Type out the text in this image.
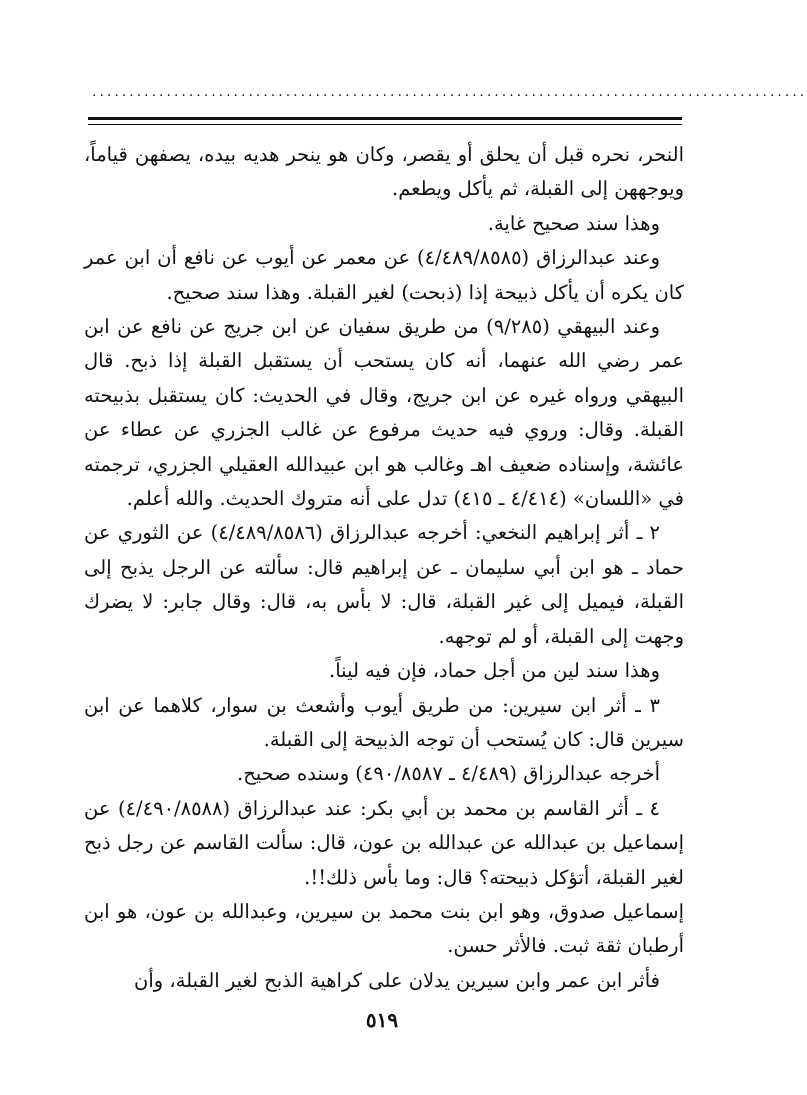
................................................................................................

النحر، نحره قبل أن يحلق أو يقصر، وكان هو ينحر هديه بيده، يصفهن قياماً، ويوجههن إلى القبلة، ثم يأكل ويطعم.

وهذا سند صحيح غاية.

وعند عبدالرزاق (٤/٤٨٩/٨٥٨٥) عن معمر عن أيوب عن نافع أن ابن عمر كان يكره أن يأكل ذبيحة إذا (ذبحت) لغير القبلة. وهذا سند صحيح.

وعند البيهقي (٩/٢٨٥) من طريق سفيان عن ابن جريج عن نافع عن ابن عمر رضي الله عنهما، أنه كان يستحب أن يستقبل القبلة إذا ذبح. قال البيهقي ورواه غيره عن ابن جريج، وقال في الحديث: كان يستقبل بذبيحته القبلة. وقال: وروي فيه حديث مرفوع عن غالب الجزري عن عطاء عن عائشة، وإسناده ضعيف اهـ وغالب هو ابن عبيدالله العقيلي الجزري، ترجمته في «اللسان» (٤/٤١٤ ـ ٤١٥) تدل على أنه متروك الحديث. والله أعلم.

٢ ـ أثر إبراهيم النخعي: أخرجه عبدالرزاق (٤/٤٨٩/٨٥٨٦) عن الثوري عن حماد ـ هو ابن أبي سليمان ـ عن إبراهيم قال: سألته عن الرجل يذبح إلى القبلة، فيميل إلى غير القبلة، قال: لا بأس به، قال: وقال جابر: لا يضرك وجهت إلى القبلة، أو لم توجهه.

وهذا سند لين من أجل حماد، فإن فيه ليناً.

٣ ـ أثر ابن سيرين: من طريق أيوب وأشعث بن سوار، كلاهما عن ابن سيرين قال: كان يُستحب أن توجه الذبيحة إلى القبلة.

أخرجه عبدالرزاق (٤/٤٨٩ ـ ٤٩٠/٨٥٨٧) وسنده صحيح.

٤ ـ أثر القاسم بن محمد بن أبي بكر: عند عبدالرزاق (٤/٤٩٠/٨٥٨٨) عن إسماعيل بن عبدالله عن عبدالله بن عون، قال: سألت القاسم عن رجل ذبح لغير القبلة، أتؤكل ذبيحته؟ قال: وما بأس ذلك!!.

إسماعيل صدوق، وهو ابن بنت محمد بن سيرين، وعبدالله بن عون، هو ابن أرطبان ثقة ثبت. فالأثر حسن.

فأثر ابن عمر وابن سيرين يدلان على كراهية الذبح لغير القبلة، وأن

٥١٩
